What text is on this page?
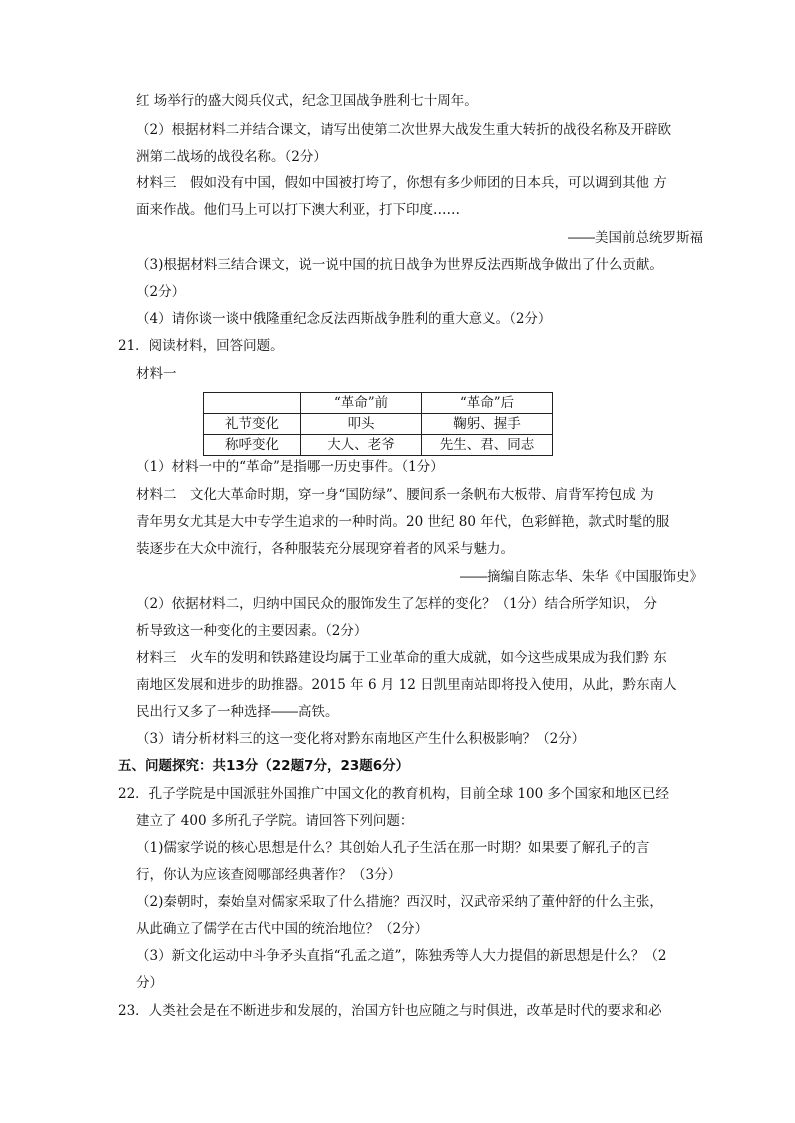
红 场举行的盛大阅兵仪式，纪念卫国战争胜利七十周年。
（2）根据材料二并结合课文，请写出使第二次世界大战发生重大转折的战役名称及开辟欧
洲第二战场的战役名称。（2分）
材料三　假如没有中国，假如中国被打垮了，你想有多少师团的日本兵，可以调到其他 方
面来作战。他们马上可以打下澳大利亚，打下印度……
――美国前总统罗斯福
（3)根据材料三结合课文，说一说中国的抗日战争为世界反法西斯战争做出了什么贡献。
（2分）
（4）请你谈一谈中俄隆重纪念反法西斯战争胜利的重大意义。（2分）
21．阅读材料，回答问题。
材料一
	“革命”前	“革命”后
礼节变化	叩头	鞠躬、握手
称呼变化	大人、老爷	先生、君、同志
（1）材料一中的“革命”是指哪一历史事件。（1分）
材料二　文化大革命时期，穿一身“国防绿”、腰间系一条帆布大板带、肩背军挎包成 为
青年男女尤其是大中专学生追求的一种时尚。20 世纪 80 年代，色彩鲜艳，款式时髦的服
装逐步在大众中流行，各种服装充分展现穿着者的风采与魅力。
――摘编自陈志华、朱华《中国服饰史》
（2）依据材料二，归纳中国民众的服饰发生了怎样的变化？（1分）结合所学知识， 分
析导致这一种变化的主要因素。（2分）
材料三　火车的发明和铁路建设均属于工业革命的重大成就，如今这些成果成为我们黔 东
南地区发展和进步的助推器。2015 年 6 月 12 日凯里南站即将投入使用，从此，黔东南人
民出行又多了一种选择――高铁。
（3）请分析材料三的这一变化将对黔东南地区产生什么积极影响？（2分）
五、问题探究：共13分（22题7分，23题6分）
22．孔子学院是中国派驻外国推广中国文化的教育机构，目前全球 100 多个国家和地区已经
建立了 400 多所孔子学院。请回答下列问题：
（1)儒家学说的核心思想是什么？其创始人孔子生活在那一时期？如果要了解孔子的言
行，你认为应该查阅哪部经典著作？（3分）
（2)秦朝时，秦始皇对儒家采取了什么措施？西汉时，汉武帝采纳了董仲舒的什么主张，
从此确立了儒学在古代中国的统治地位？（2分）
（3）新文化运动中斗争矛头直指“孔孟之道”，陈独秀等人大力提倡的新思想是什么？（2
分）
23．人类社会是在不断进步和发展的，治国方针也应随之与时俱进，改革是时代的要求和必
